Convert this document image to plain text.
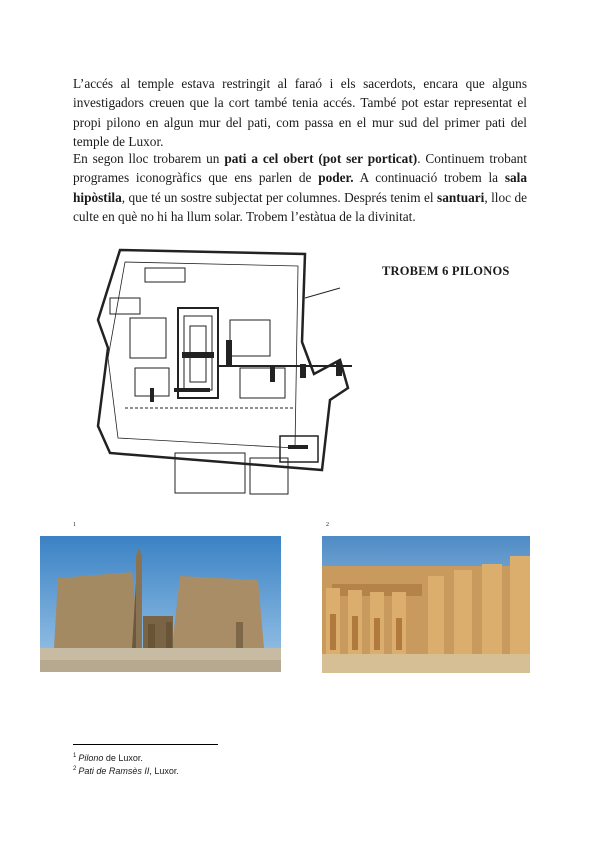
L’accés al temple estava restringit al faraó i els sacerdots, encara que alguns investigadors creuen que la cort també tenia accés. També pot estar representat el propi pilono en algun mur del pati, com passa en el mur sud del primer pati del temple de Luxor.

En segon lloc trobarem un pati a cel obert (pot ser porticat). Continuem trobant programes iconogràfics que ens parlen de poder. A continuació trobem la sala hipòstila, que té un sostre subjectat per columnes. Després tenim el santuari, lloc de culte en què no hi ha llum solar. Trobem l’estàtua de la divinitat.

TROBEM 6 PILONOS
1	2
$^1$ Pilono de Luxor.
$^2$ Pati de Ramsès II, Luxor.
